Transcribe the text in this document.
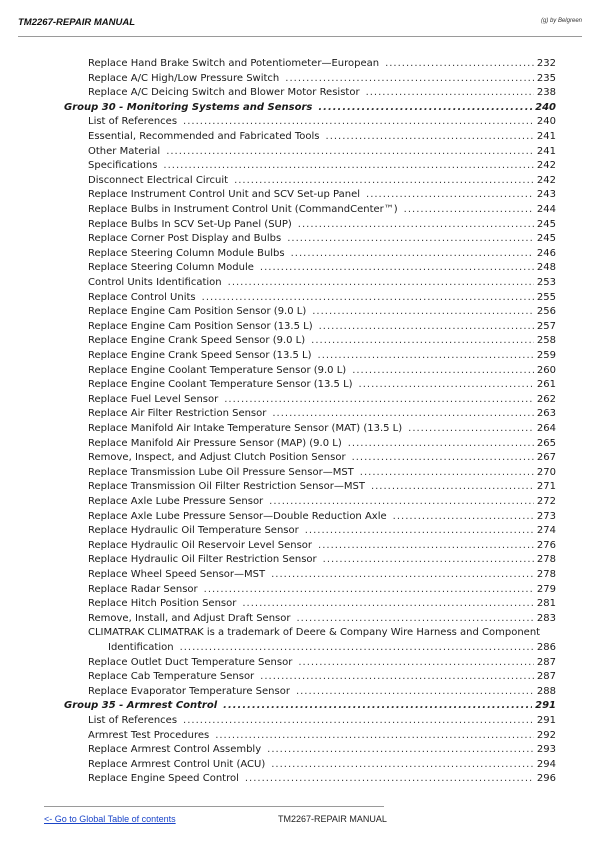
TM2267-REPAIR MANUAL	(g) by Belgreen
Replace Hand Brake Switch and Potentiometer—European .....	232
Replace A/C High/Low Pressure Switch .....	235
Replace A/C Deicing Switch and Blower Motor Resistor .....	238
Group 30 - Monitoring Systems and Sensors .....	240
List of References .....	240
Essential, Recommended and Fabricated Tools .....	241
Other Material .....	241
Specifications .....	242
Disconnect Electrical Circuit .....	242
Replace Instrument Control Unit and SCV Set-up Panel .....	243
Replace Bulbs in Instrument Control Unit (CommandCenter™) .....	244
Replace Bulbs In SCV Set-Up Panel (SUP) .....	245
Replace Corner Post Display and Bulbs .....	245
Replace Steering Column Module Bulbs .....	246
Replace Steering Column Module .....	248
Control Units Identification .....	253
Replace Control Units .....	255
Replace Engine Cam Position Sensor (9.0 L) .....	256
Replace Engine Cam Position Sensor (13.5 L) .....	257
Replace Engine Crank Speed Sensor (9.0 L) .....	258
Replace Engine Crank Speed Sensor (13.5 L) .....	259
Replace Engine Coolant Temperature Sensor (9.0 L) .....	260
Replace Engine Coolant Temperature Sensor (13.5 L) .....	261
Replace Fuel Level Sensor .....	262
Replace Air Filter Restriction Sensor .....	263
Replace Manifold Air Intake Temperature Sensor (MAT) (13.5 L) .....	264
Replace Manifold Air Pressure Sensor (MAP) (9.0 L) .....	265
Remove, Inspect, and Adjust Clutch Position Sensor .....	267
Replace Transmission Lube Oil Pressure Sensor—MST .....	270
Replace Transmission Oil Filter Restriction Sensor—MST .....	271
Replace Axle Lube Pressure Sensor .....	272
Replace Axle Lube Pressure Sensor—Double Reduction Axle .....	273
Replace Hydraulic Oil Temperature Sensor .....	274
Replace Hydraulic Oil Reservoir Level Sensor .....	276
Replace Hydraulic Oil Filter Restriction Sensor .....	278
Replace Wheel Speed Sensor—MST .....	278
Replace Radar Sensor .....	279
Replace Hitch Position Sensor .....	281
Remove, Install, and Adjust Draft Sensor .....	283
CLIMATRAK CLIMATRAK is a trademark of Deere & Company Wire Harness and Component
Identification .....	286
Replace Outlet Duct Temperature Sensor .....	287
Replace Cab Temperature Sensor .....	287
Replace Evaporator Temperature Sensor .....	288
Group 35 - Armrest Control .....	291
List of References .....	291
Armrest Test Procedures .....	292
Replace Armrest Control Assembly .....	293
Replace Armrest Control Unit (ACU) .....	294
Replace Engine Speed Control .....	296
<- Go to Global Table of contents	TM2267-REPAIR MANUAL
